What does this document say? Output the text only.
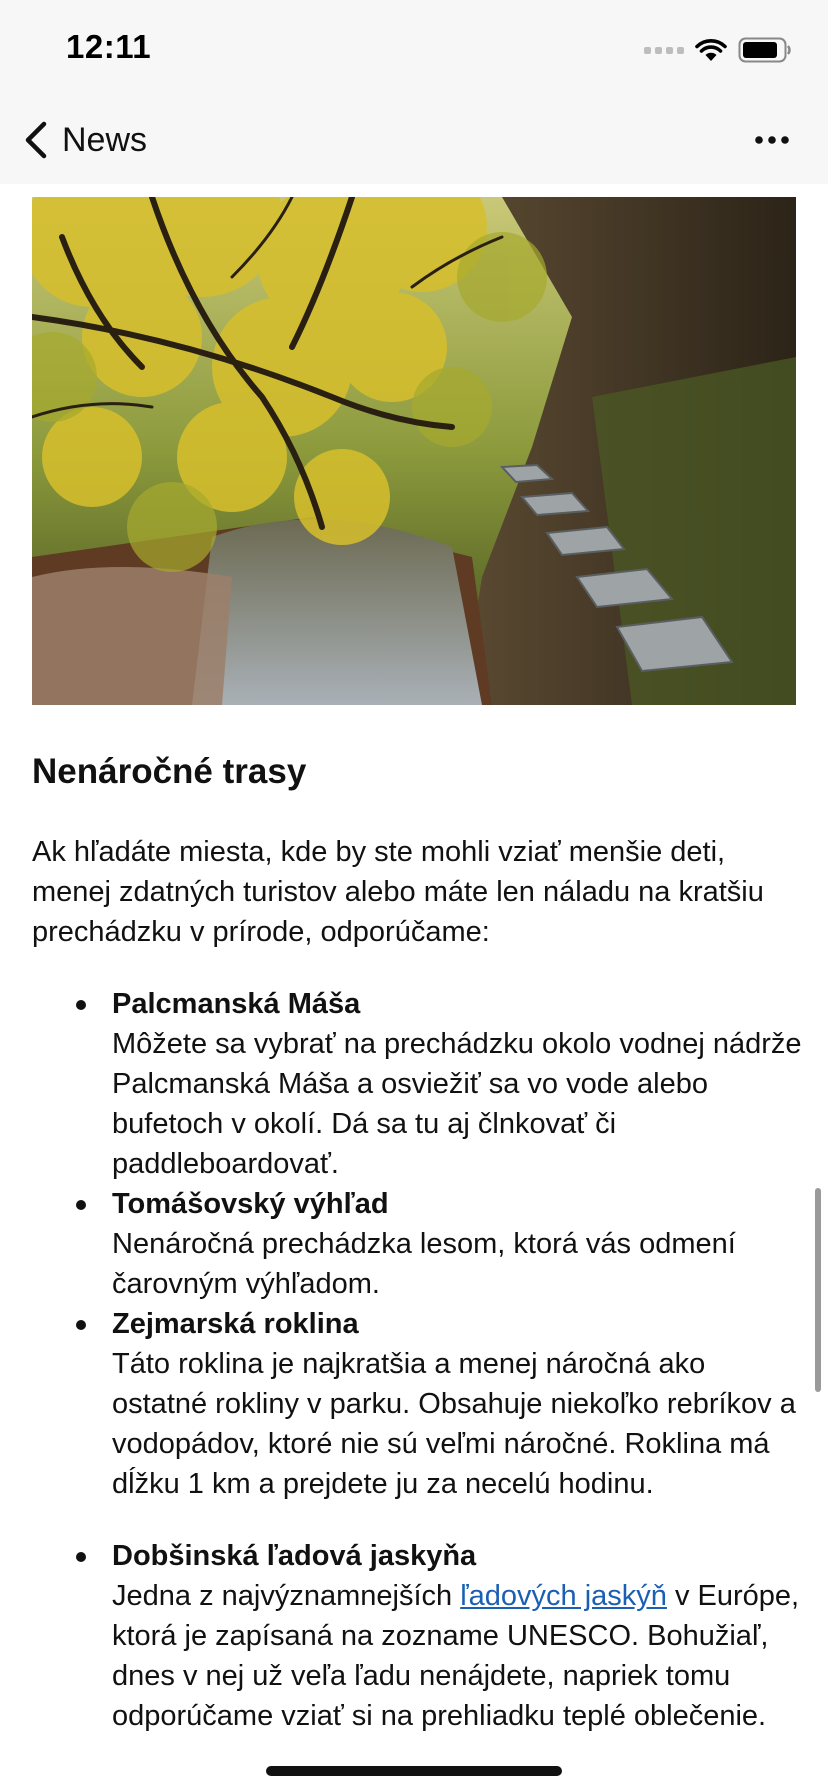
12:11
News
Nenáročné trasy

Ak hľadáte miesta, kde by ste mohli vziať menšie deti, menej zdatných turistov alebo máte len náladu na kratšiu prechádzku v prírode, odporúčame:

Palcmanská Máša
Môžete sa vybrať na prechádzku okolo vodnej nádrže Palcmanská Máša a osviežiť sa vo vode alebo bufetoch v okolí. Dá sa tu aj člnkovať či paddleboardovať.
Tomášovský výhľad
Nenáročná prechádzka lesom, ktorá vás odmení čarovným výhľadom.
Zejmarská roklina
Táto roklina je najkratšia a menej náročná ako ostatné rokliny v parku. Obsahuje niekoľko rebríkov a vodopádov, ktoré nie sú veľmi náročné. Roklina má dĺžku 1 km a prejdete ju za necelú hodinu.
Dobšinská ľadová jaskyňa
Jedna z najvýznamnejších ľadových jaskýň v Európe, ktorá je zapísaná na zozname UNESCO. Bohužiaľ, dnes v nej už veľa ľadu nenájdete, napriek tomu odporúčame vziať si na prehliadku teplé oblečenie.
